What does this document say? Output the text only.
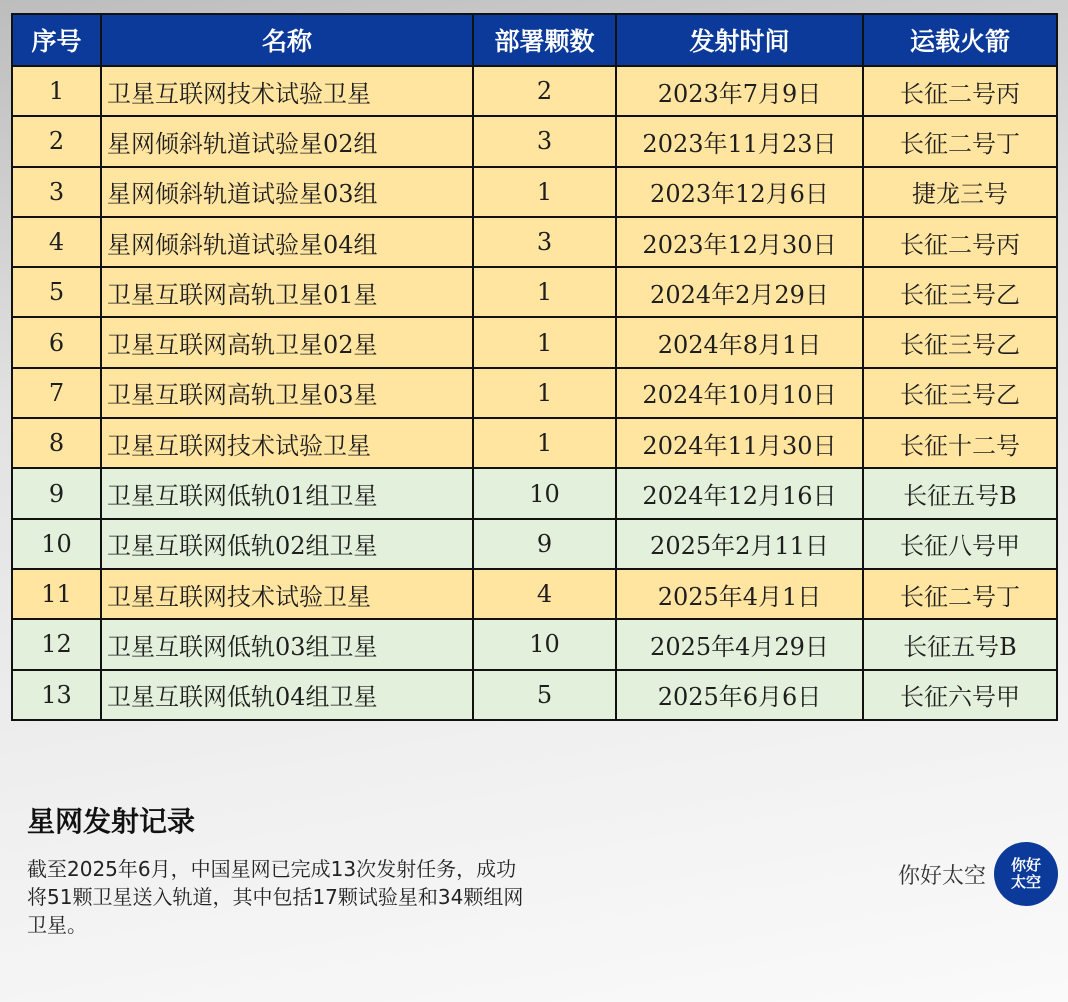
序号	名称	部署颗数	发射时间	运载火箭
1	卫星互联网技术试验卫星	2	2023年7月9日	长征二号丙
2	星网倾斜轨道试验星02组	3	2023年11月23日	长征二号丁
3	星网倾斜轨道试验星03组	1	2023年12月6日	捷龙三号
4	星网倾斜轨道试验星04组	3	2023年12月30日	长征二号丙
5	卫星互联网高轨卫星01星	1	2024年2月29日	长征三号乙
6	卫星互联网高轨卫星02星	1	2024年8月1日	长征三号乙
7	卫星互联网高轨卫星03星	1	2024年10月10日	长征三号乙
8	卫星互联网技术试验卫星	1	2024年11月30日	长征十二号
9	卫星互联网低轨01组卫星	10	2024年12月16日	长征五号B
10	卫星互联网低轨02组卫星	9	2025年2月11日	长征八号甲
11	卫星互联网技术试验卫星	4	2025年4月1日	长征二号丁
12	卫星互联网低轨03组卫星	10	2025年4月29日	长征五号B
13	卫星互联网低轨04组卫星	5	2025年6月6日	长征六号甲
星网发射记录

截至2025年6月，中国星网已完成13次发射任务，成功将51颗卫星送入轨道，其中包括17颗试验星和34颗组网卫星。

你好太空 你好太空
